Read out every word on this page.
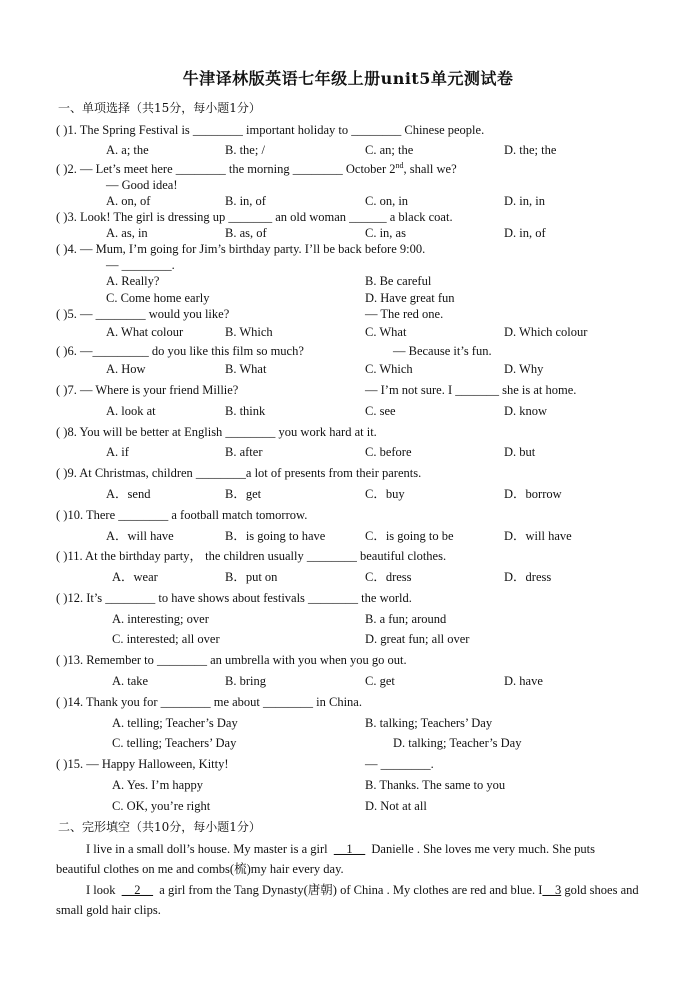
牛津译林版英语七年级上册unit5单元测试卷
一、单项选择（共15分，每小题1分）
( )1. The Spring Festival is ________ important holiday to ________ Chinese people.
A. a; the	B. the; /	C. an; the	D. the; the
( )2. — Let’s meet here ________ the morning ________ October 2nd, shall we?
— Good idea!
A. on, of	B. in, of	C. on, in	D. in, in
( )3. Look! The girl is dressing up _______ an old woman ______ a black coat.
A. as, in	B. as, of	C. in, as	D. in, of
( )4. — Mum, I’m going for Jim’s birthday party. I’ll be back before 9:00.
— ________.
A. Really?	B. Be careful
C. Come home early	D. Have great fun
( )5. — ________ would you like?	— The red one.
A. What colour	B. Which	C. What	D. Which colour
( )6. —_________ do you like this film so much?	— Because it’s fun.
A. How	B. What	C. Which	D. Why
( )7. — Where is your friend Millie?	— I’m not sure. I _______ she is at home.
A. look at	B. think	C. see	D. know
( )8. You will be better at English ________ you work hard at it.
A. if	B. after	C. before	D. but
( )9. At Christmas, children ________a lot of presents from their parents.
A．send	B．get	C．buy	D．borrow
( )10. There ________ a football match tomorrow.
A．will have	B．is going to have	C．is going to be	D．will have
( )11. At the birthday party， the children usually ________ beautiful clothes.
A．wear	B．put on	C．dress	D．dress
( )12. It’s ________ to have shows about festivals ________ the world.
A. interesting; over	B. a fun; around
C. interested; all over	D. great fun; all over
( )13. Remember to ________ an umbrella with you when you go out.
A. take	B. bring	C. get	D. have
( )14. Thank you for ________ me about ________ in China.
A. telling; Teacher’s Day	B. talking; Teachers’ Day
C. telling; Teachers’ Day	D. talking; Teacher’s Day
( )15. — Happy Halloween, Kitty!	— ________.
A. Yes. I’m happy	B. Thanks. The same to you
C. OK, you’re right	D. Not at all
二、完形填空（共10分，每小题1分）
I live in a small doll’s house. My master is a girl __1__ Danielle . She loves me very much. She puts beautiful clothes on me and combs(梳)my hair every day.
I look __2__ a girl from the Tang Dynasty(唐朝) of China . My clothes are red and blue. I__3 gold shoes and small gold hair clips.
